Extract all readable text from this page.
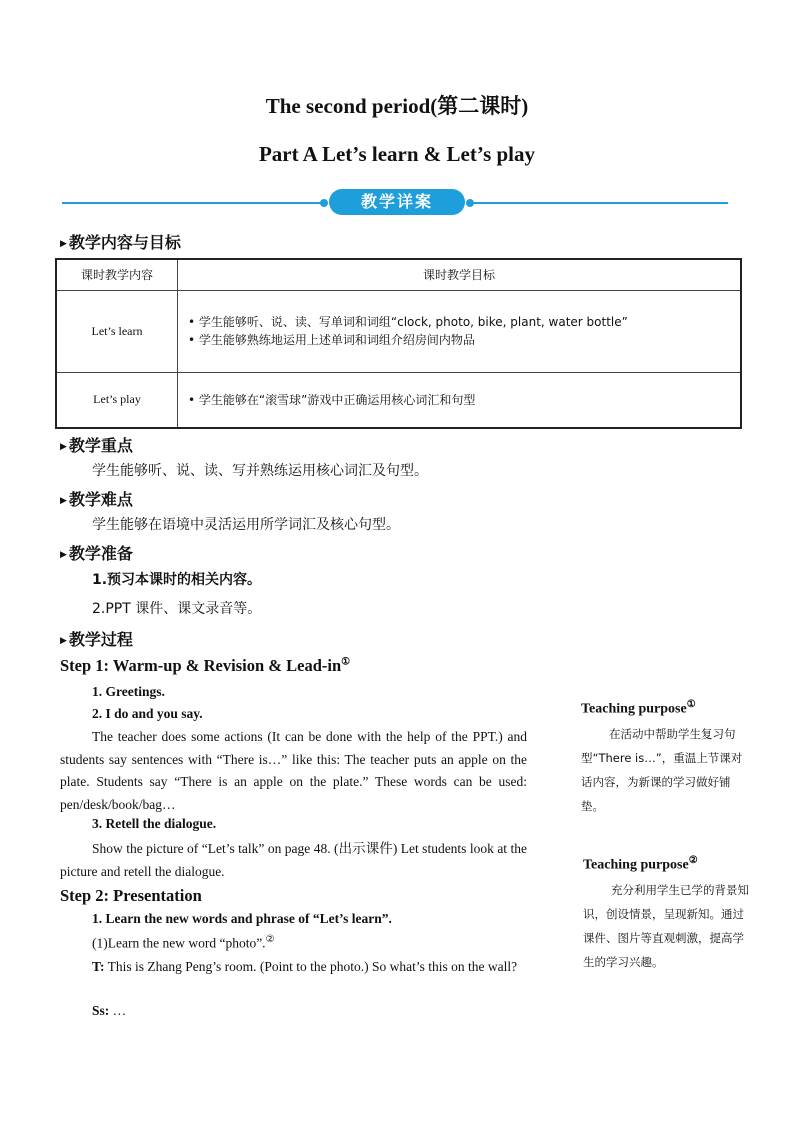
The second period(第二课时)
Part A Let’s learn & Let’s play
教学详案
▶ 教学内容与目标
课时教学内容	课时教学目标
Let’s learn	• 学生能够听、说、读、写单词和词组“clock, photo, bike, plant, water bottle”
• 学生能够熟练地运用上述单词和词组介绍房间内物品

Let’s play	• 学生能够在“滚雪球”游戏中正确运用核心词汇和句型
▶ 教学重点
学生能够听、说、读、写并熟练运用核心词汇及句型。
▶ 教学难点
学生能够在语境中灵活运用所学词汇及核心句型。
▶ 教学准备
1.预习本课时的相关内容。
2.PPT 课件、课文录音等。
▶ 教学过程
Step 1: Warm-up & Revision & Lead-in①
1. Greetings.
2. I do and you say.
The teacher does some actions (It can be done with the help of the PPT.) and students say sentences with “There is…” like this: The teacher puts an apple on the plate. Students say “There is an apple on the plate.” These words can be used: pen/desk/book/bag…
3. Retell the dialogue.
Show the picture of “Let’s talk” on page 48. (出示课件) Let students look at the picture and retell the dialogue.
Step 2: Presentation
1. Learn the new words and phrase of “Let’s learn”.
(1)Learn the new word “photo”.②
T: This is Zhang Peng’s room. (Point to the photo.) So what’s this on the wall?
Ss: …
Teaching purpose①
在活动中帮助学生复习句型“There is…”，重温上节课对话内容，为新课的学习做好铺垫。
Teaching purpose②
充分利用学生已学的背景知识，创设情景，呈现新知。通过课件、图片等直观刺激，提高学生的学习兴趣。
